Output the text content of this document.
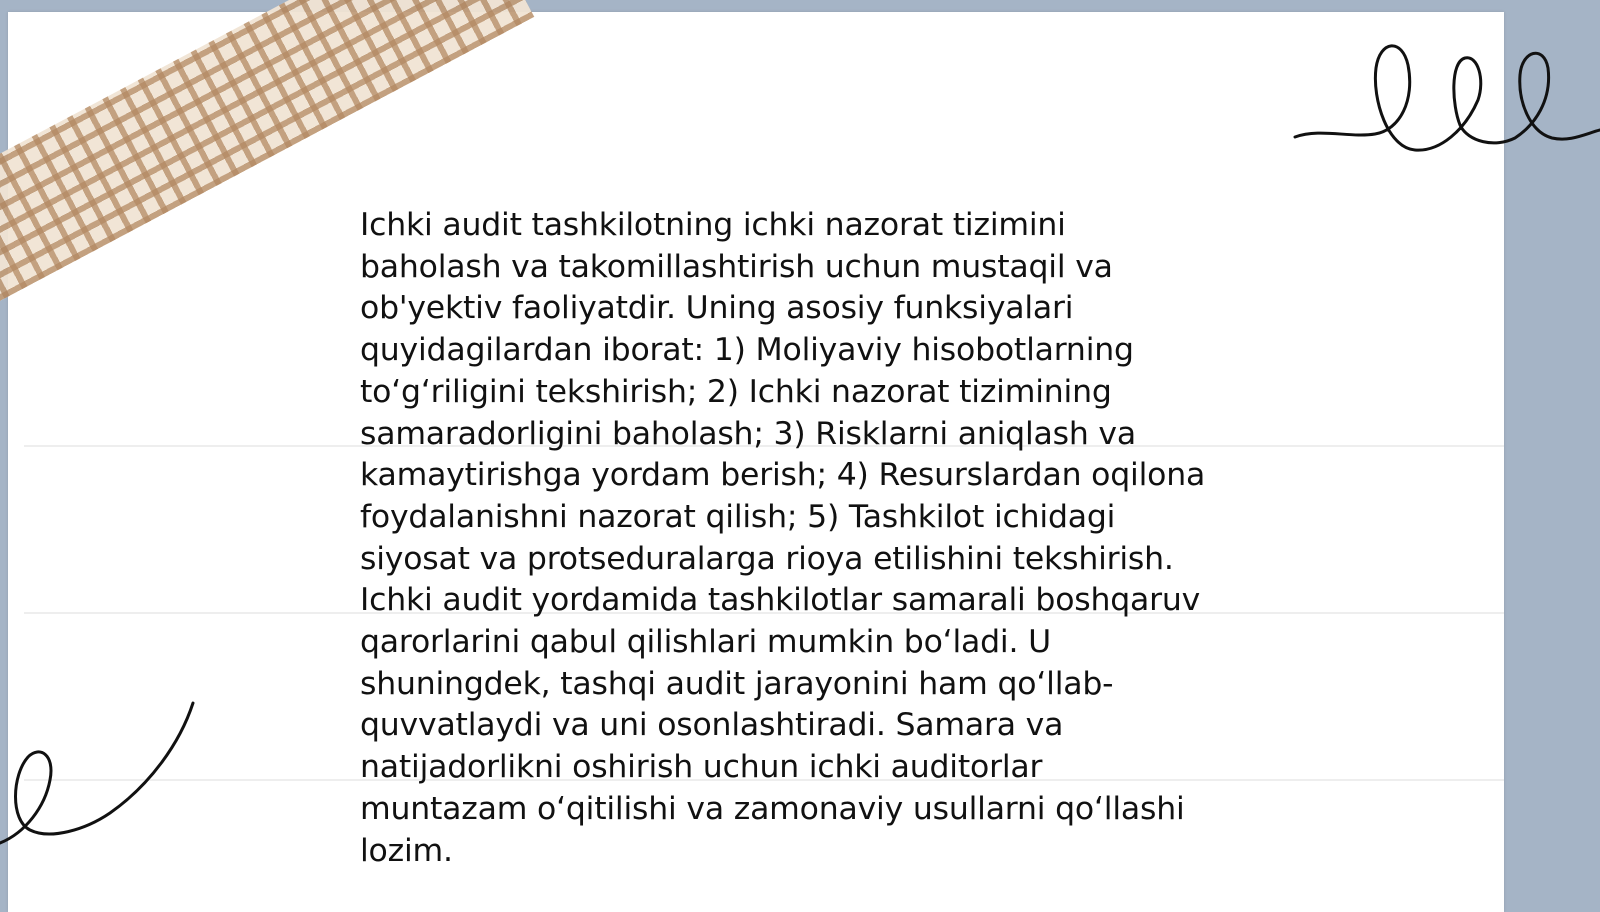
Ichki audit tashkilotning ichki nazorat tizimini
baholash va takomillashtirish uchun mustaqil va
ob'yektiv faoliyatdir. Uning asosiy funksiyalari
quyidagilardan iborat: 1) Moliyaviy hisobotlarning
to‘g‘riligini tekshirish; 2) Ichki nazorat tizimining
samaradorligini baholash; 3) Risklarni aniqlash va
kamaytirishga yordam berish; 4) Resurslardan oqilona
foydalanishni nazorat qilish; 5) Tashkilot ichidagi
siyosat va protseduralarga rioya etilishini tekshirish.
Ichki audit yordamida tashkilotlar samarali boshqaruv
qarorlarini qabul qilishlari mumkin bo‘ladi. U
shuningdek, tashqi audit jarayonini ham qo‘llab-
quvvatlaydi va uni osonlashtiradi. Samara va
natijadorlikni oshirish uchun ichki auditorlar
muntazam o‘qitilishi va zamonaviy usullarni qo‘llashi
lozim.
